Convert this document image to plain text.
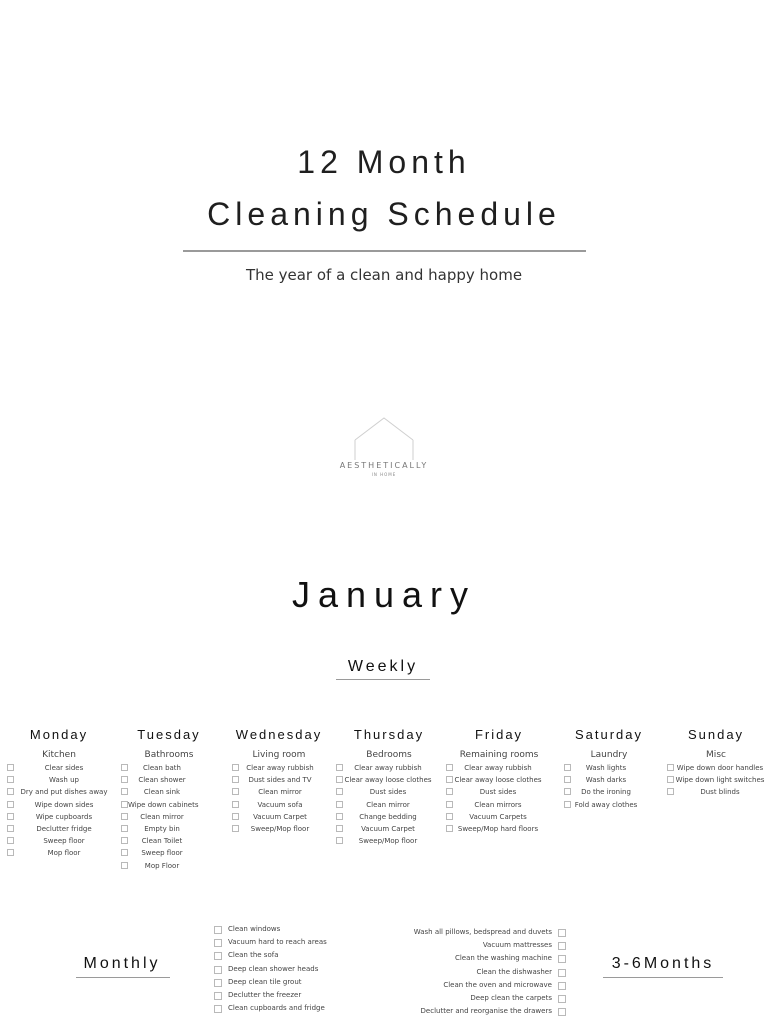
12 Month
Cleaning Schedule
The year of a clean and happy home
AESTHETICALLY
IN HOME
January
Weekly
Monday
Kitchen
Clear sides
Wash up
Dry and put dishes away
Wipe down sides
Wipe cupboards
Declutter fridge
Sweep floor
Mop floor
Tuesday
Bathrooms
Clean bath
Clean shower
Clean sink
Wipe down cabinets
Clean mirror
Empty bin
Clean Toilet
Sweep floor
Mop Floor
Wednesday
Living room
Clear away rubbish
Dust sides and TV
Clean mirror
Vacuum sofa
Vacuum Carpet
Sweep/Mop floor
Thursday
Bedrooms
Clear away rubbish
Clear away loose clothes
Dust sides
Clean mirror
Change bedding
Vacuum Carpet
Sweep/Mop floor
Friday
Remaining rooms
Clear away rubbish
Clear away loose clothes
Dust sides
Clean mirrors
Vacuum Carpets
Sweep/Mop hard floors
Saturday
Laundry
Wash lights
Wash darks
Do the ironing
Fold away clothes
Sunday
Misc
Wipe down door handles
Wipe down light switches
Dust blinds
Monthly
Clean windows
Vacuum hard to reach areas
Clean the sofa
Deep clean shower heads
Deep clean tile grout
Declutter the freezer
Clean cupboards and fridge
Wash all pillows, bedspread and duvets
Vacuum mattresses
Clean the washing machine
Clean the dishwasher
Clean the oven and microwave
Deep clean the carpets
Declutter and reorganise the drawers
3-6Months
